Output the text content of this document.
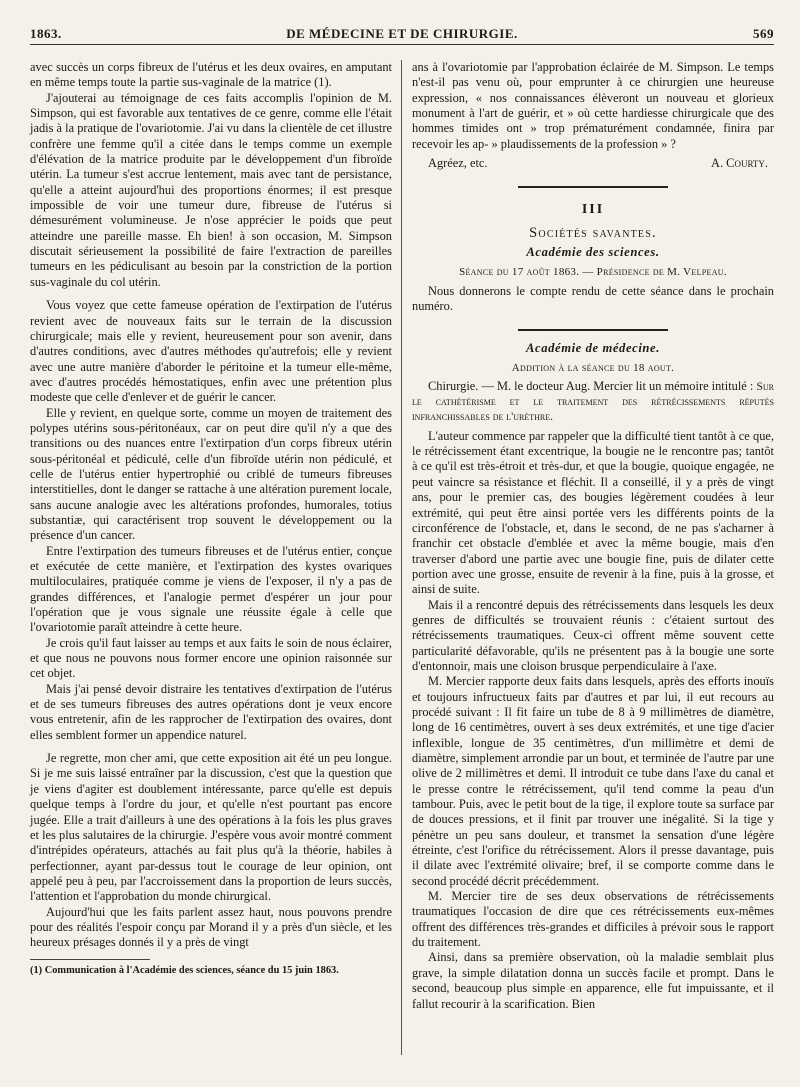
1863.	DE MÉDECINE ET DE CHIRURGIE.	569

avec succès un corps fibreux de l'utérus et les deux ovaires, en amputant en même temps toute la partie sus-vaginale de la matrice (1).

J'ajouterai au témoignage de ces faits accomplis l'opinion de M. Simpson, qui est favorable aux tentatives de ce genre, comme elle l'était jadis à la pratique de l'ovariotomie. J'ai vu dans la clientèle de cet illustre confrère une femme qu'il a citée dans le temps comme un exemple d'élévation de la matrice produite par le développement d'un fibroïde utérin. La tumeur s'est accrue lentement, mais avec tant de persistance, qu'elle a atteint aujourd'hui des proportions énormes; il est presque impossible de voir une tumeur dure, fibreuse de l'utérus si démesurément volumineuse. Je n'ose apprécier le poids que peut atteindre une pareille masse. Eh bien! à son occasion, M. Simpson discutait sérieusement la possibilité de faire l'extraction de pareilles tumeurs en les pédiculisant au besoin par la constriction de la portion sus-vaginale du col utérin.

Vous voyez que cette fameuse opération de l'extirpation de l'utérus revient avec de nouveaux faits sur le terrain de la discussion chirurgicale; mais elle y revient, heureusement pour son avenir, dans d'autres conditions, avec d'autres méthodes qu'autrefois; elle y revient avec une autre manière d'aborder le péritoine et la tumeur elle-même, avec d'autres procédés hémostatiques, enfin avec une prétention plus modeste que celle d'enlever et de guérir le cancer.

Elle y revient, en quelque sorte, comme un moyen de traitement des polypes utérins sous-péritonéaux, car on peut dire qu'il n'y a que des transitions ou des nuances entre l'extirpation d'un corps fibreux utérin sous-péritonéal et pédiculé, celle d'un fibroïde utérin non pédiculé, et celle de l'utérus entier hypertrophié ou criblé de tumeurs fibreuses interstitielles, dont le danger se rattache à une altération purement locale, sans aucune analogie avec les altérations profondes, humorales, totius substantiæ, qui caractérisent trop souvent le développement ou la présence d'un cancer.

Entre l'extirpation des tumeurs fibreuses et de l'utérus entier, conçue et exécutée de cette manière, et l'extirpation des kystes ovariques multiloculaires, pratiquée comme je viens de l'exposer, il n'y a pas de grandes différences, et l'analogie permet d'espérer un jour pour l'opération que je vous signale une réussite égale à celle que l'ovariotomie paraît atteindre à cette heure.

Je crois qu'il faut laisser au temps et aux faits le soin de nous éclairer, et que nous ne pouvons nous former encore une opinion raisonnée sur cet objet.

Mais j'ai pensé devoir distraire les tentatives d'extirpation de l'utérus et de ses tumeurs fibreuses des autres opérations dont je veux encore vous entretenir, afin de les rapprocher de l'extirpation des ovaires, dont elles semblent former un appendice naturel.

Je regrette, mon cher ami, que cette exposition ait été un peu longue. Si je me suis laissé entraîner par la discussion, c'est que la question que je viens d'agiter est doublement intéressante, parce qu'elle est depuis quelque temps à l'ordre du jour, et qu'elle n'est pourtant pas encore jugée. Elle a trait d'ailleurs à une des opérations à la fois les plus graves et les plus salutaires de la chirurgie. J'espère vous avoir montré comment d'intrépides opérateurs, attachés au fait plus qu'à la théorie, habiles à perfectionner, ayant par-dessus tout le courage de leur opinion, ont appelé peu à peu, par l'accroissement dans la proportion de leurs succès, l'attention et l'approbation du monde chirurgical.

Aujourd'hui que les faits parlent assez haut, nous pouvons prendre pour des réalités l'espoir conçu par Morand il y a près d'un siècle, et les heureux présages donnés il y a près de vingt

(1) Communication à l'Académie des sciences, séance du 15 juin 1863.

ans à l'ovariotomie par l'approbation éclairée de M. Simpson. Le temps n'est-il pas venu où, pour emprunter à ce chirurgien une heureuse expression, « nos connaissances élèveront un nouveau et glorieux monument à l'art de guérir, et » où cette hardiesse chirurgicale que des hommes timides ont » trop prématurément condamnée, finira par recevoir les ap- » plaudissements de la profession » ?

Agréez, etc.	A. Courty.
III
Sociétés savantes.
Académie des sciences.
Séance du 17 août 1863. — Présidence de M. Velpeau.

Nous donnerons le compte rendu de cette séance dans le prochain numéro.

Académie de médecine.
Addition à la séance du 18 aout.

Chirurgie. — M. le docteur Aug. Mercier lit un mémoire intitulé : Sur le cathétérisme et le traitement des rétrécissements réputés infranchissables de l'urèthre.

L'auteur commence par rappeler que la difficulté tient tantôt à ce que, le rétrécissement étant excentrique, la bougie ne le rencontre pas; tantôt à ce qu'il est très-étroit et très-dur, et que la bougie, quoique engagée, ne peut vaincre sa résistance et fléchit. Il a conseillé, il y a près de vingt ans, pour le premier cas, des bougies légèrement coudées à leur extrémité, qui peut être ainsi portée vers les différents points de la circonférence de l'obstacle, et, dans le second, de ne pas s'acharner à franchir cet obstacle d'emblée et avec la même bougie, mais d'en traverser d'abord une partie avec une bougie fine, puis de dilater cette portion avec une grosse, ensuite de revenir à la fine, puis à la grosse, et ainsi de suite.

Mais il a rencontré depuis des rétrécissements dans lesquels les deux genres de difficultés se trouvaient réunis : c'étaient surtout des rétrécissements traumatiques. Ceux-ci offrent même souvent cette particularité défavorable, qu'ils ne présentent pas à la bougie une sorte d'entonnoir, mais une cloison brusque perpendiculaire à l'axe.

M. Mercier rapporte deux faits dans lesquels, après des efforts inouïs et toujours infructueux faits par d'autres et par lui, il eut recours au procédé suivant : Il fit faire un tube de 8 à 9 millimètres de diamètre, long de 16 centimètres, ouvert à ses deux extrémités, et une tige d'acier inflexible, longue de 35 centimètres, d'un millimètre et demi de diamètre, simplement arrondie par un bout, et terminée de l'autre par une olive de 2 millimètres et demi. Il introduit ce tube dans l'axe du canal et le presse contre le rétrécissement, qu'il tend comme la peau d'un tambour. Puis, avec le petit bout de la tige, il explore toute sa surface par de douces pressions, et il finit par trouver une inégalité. Si la tige y pénètre un peu sans douleur, et transmet la sensation d'une légère étreinte, c'est l'orifice du rétrécissement. Alors il presse davantage, puis il dilate avec l'extrémité olivaire; bref, il se comporte comme dans le second procédé décrit précédemment.

M. Mercier tire de ses deux observations de rétrécissements traumatiques l'occasion de dire que ces rétrécissements eux-mêmes offrent des différences très-grandes et difficiles à prévoir sous le rapport du traitement.

Ainsi, dans sa première observation, où la maladie semblait plus grave, la simple dilatation donna un succès facile et prompt. Dans le second, beaucoup plus simple en apparence, elle fut impuissante, et il fallut recourir à la scarification. Bien
